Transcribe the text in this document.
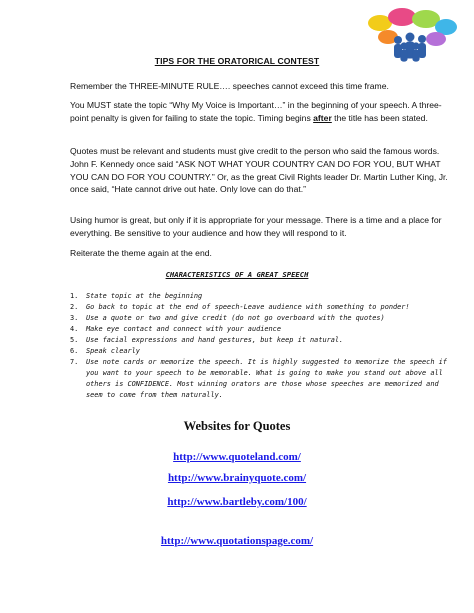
TIPS FOR THE ORATORICAL CONTEST
Remember the THREE-MINUTE RULE…. speeches cannot exceed this time frame.
You MUST state the topic “Why My Voice is Important…” in the beginning of your speech. A three-point penalty is given for failing to state the topic. Timing begins after the title has been stated.
Quotes must be relevant and students must give credit to the person who said the famous words. John F. Kennedy once said “ASK NOT WHAT YOUR COUNTRY CAN DO FOR YOU, BUT WHAT YOU CAN DO FOR YOU COUNTRY.” Or, as the great Civil Rights leader Dr. Martin Luther King, Jr. once said, “Hate cannot drive out hate. Only love can do that.”
Using humor is great, but only if it is appropriate for your message. There is a time and a place for everything. Be sensitive to your audience and how they will respond to it.
Reiterate the theme again at the end.
CHARACTERISTICS OF A GREAT SPEECH
1. State topic at the beginning
2. Go back to topic at the end of speech-Leave audience with something to ponder!
3. Use a quote or two and give credit (do not go overboard with the quotes)
4. Make eye contact and connect with your audience
5. Use facial expressions and hand gestures, but keep it natural.
6. Speak clearly
7. Use note cards or memorize the speech. It is highly suggested to memorize the speech if you want to your speech to be memorable. What is going to make you stand out above all others is CONFIDENCE. Most winning orators are those whose speeches are memorized and seem to come from them naturally.
Websites for Quotes
http://www.quoteland.com/
http://www.brainyquote.com/
http://www.bartleby.com/100/
http://www.quotationspage.com/
